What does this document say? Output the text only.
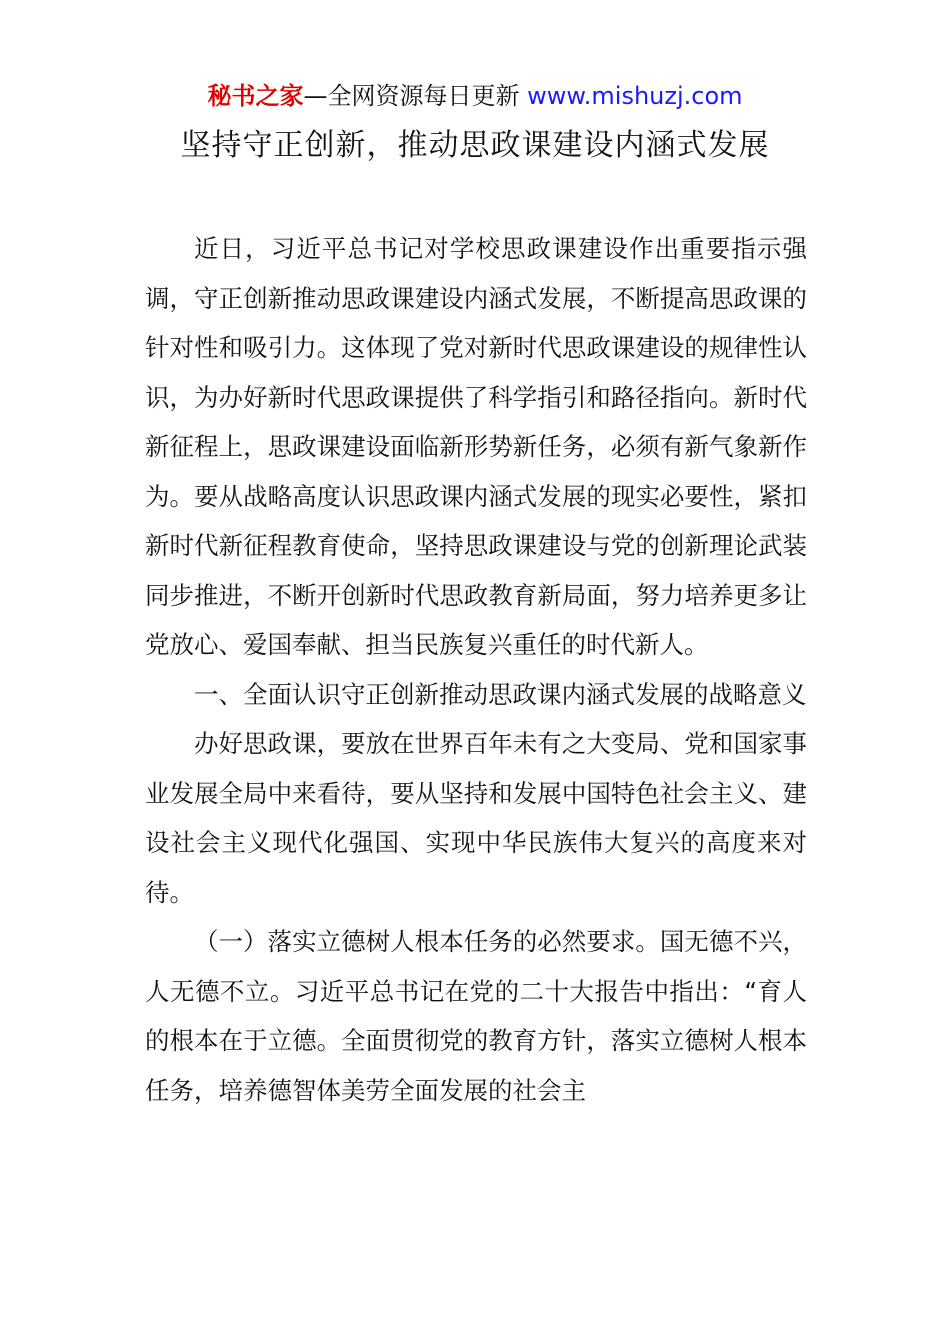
秘书之家—全网资源每日更新 www.mishuzj.com
坚持守正创新，推动思政课建设内涵式发展

近日，习近平总书记对学校思政课建设作出重要指示强调，守正创新推动思政课建设内涵式发展，不断提高思政课的针对性和吸引力。这体现了党对新时代思政课建设的规律性认识，为办好新时代思政课提供了科学指引和路径指向。新时代新征程上，思政课建设面临新形势新任务，必须有新气象新作为。要从战略高度认识思政课内涵式发展的现实必要性，紧扣新时代新征程教育使命，坚持思政课建设与党的创新理论武装同步推进，不断开创新时代思政教育新局面，努力培养更多让党放心、爱国奉献、担当民族复兴重任的时代新人。

一、全面认识守正创新推动思政课内涵式发展的战略意义

办好思政课，要放在世界百年未有之大变局、党和国家事业发展全局中来看待，要从坚持和发展中国特色社会主义、建设社会主义现代化强国、实现中华民族伟大复兴的高度来对待。

（一）落实立德树人根本任务的必然要求。国无德不兴，人无德不立。习近平总书记在党的二十大报告中指出：“育人的根本在于立德。全面贯彻党的教育方针，落实立德树人根本任务，培养德智体美劳全面发展的社会主
